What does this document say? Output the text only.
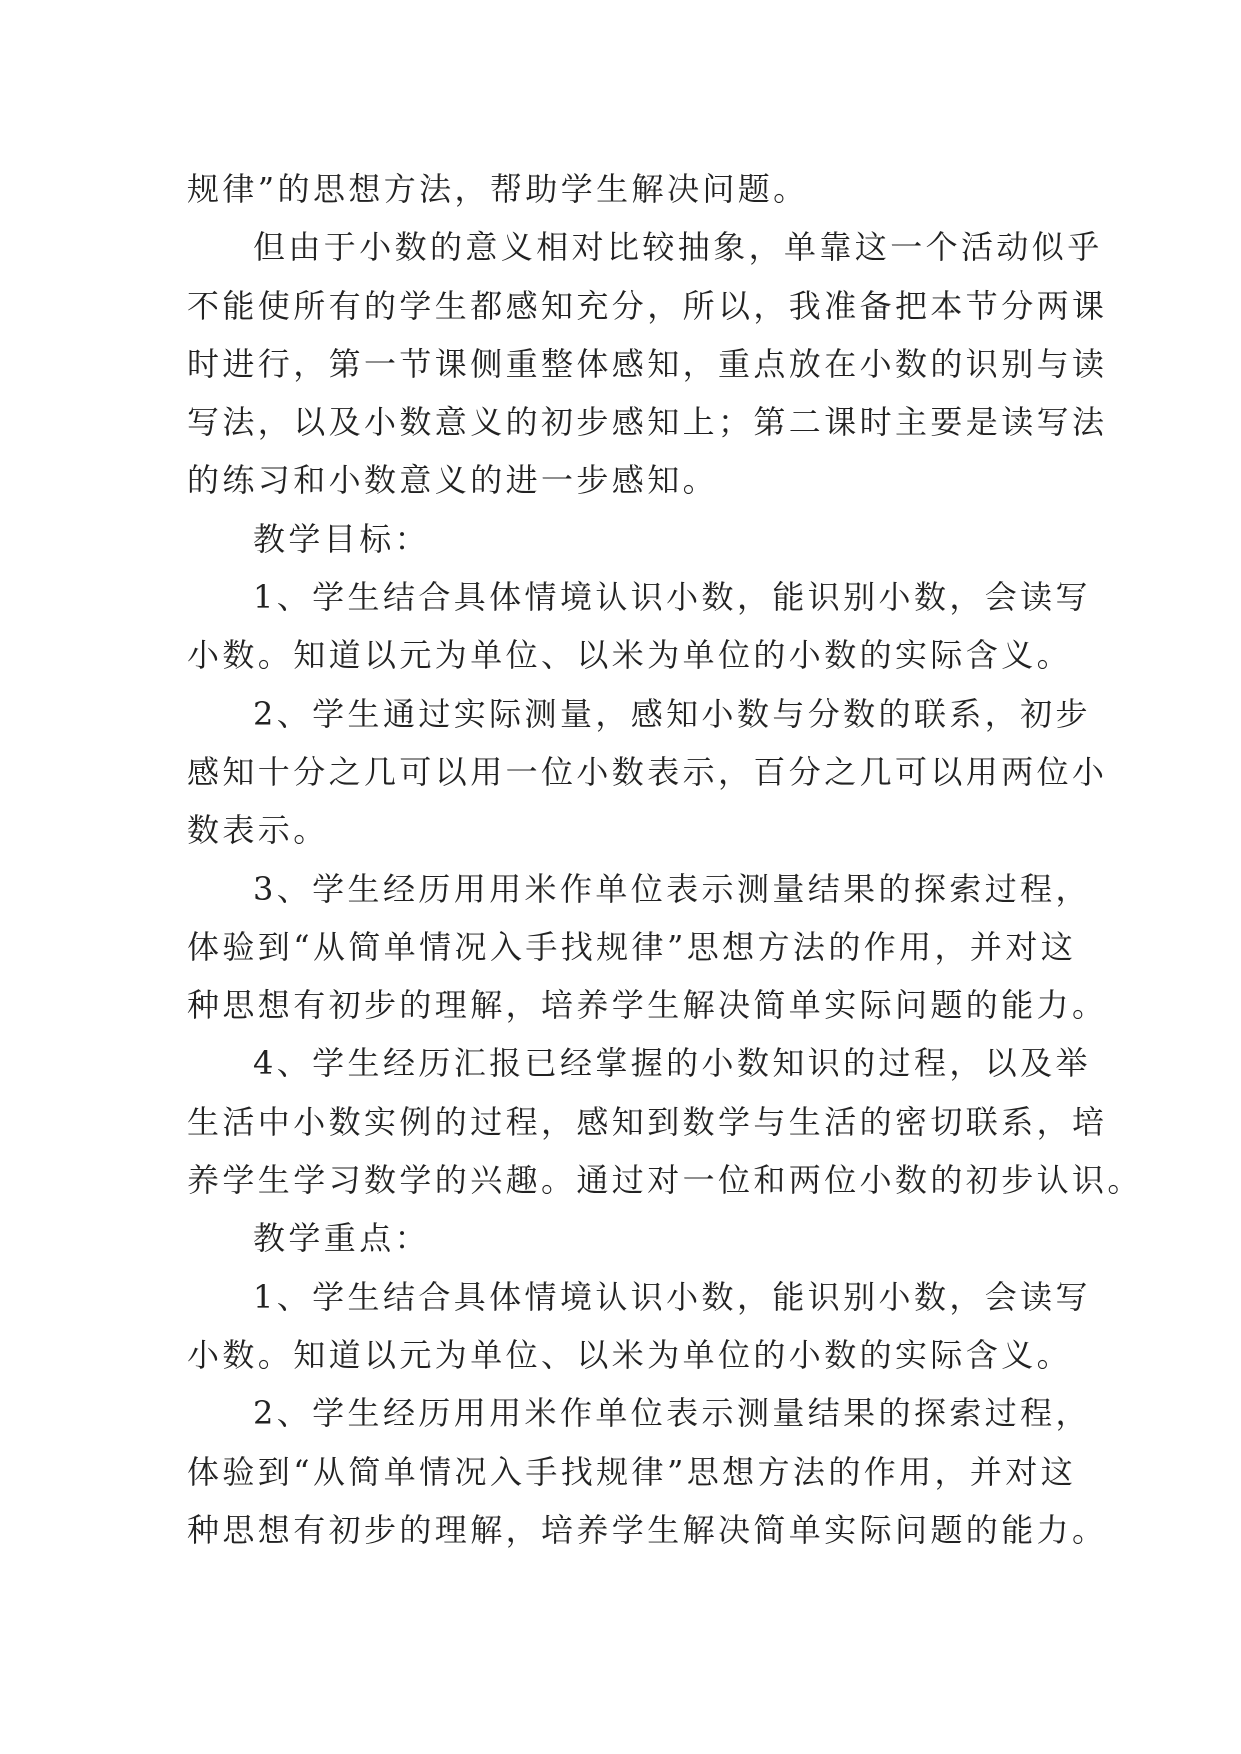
规律”的思想方法，帮助学生解决问题。

但由于小数的意义相对比较抽象，单靠这一个活动似乎
不能使所有的学生都感知充分，所以，我准备把本节分两课
时进行，第一节课侧重整体感知，重点放在小数的识别与读
写法，以及小数意义的初步感知上；第二课时主要是读写法
的练习和小数意义的进一步感知。

教学目标：

1、学生结合具体情境认识小数，能识别小数，会读写
小数。知道以元为单位、以米为单位的小数的实际含义。

2、学生通过实际测量，感知小数与分数的联系，初步
感知十分之几可以用一位小数表示，百分之几可以用两位小
数表示。

3、学生经历用用米作单位表示测量结果的探索过程，
体验到“从简单情况入手找规律”思想方法的作用，并对这
种思想有初步的理解，培养学生解决简单实际问题的能力。

4、学生经历汇报已经掌握的小数知识的过程，以及举
生活中小数实例的过程，感知到数学与生活的密切联系，培
养学生学习数学的兴趣。通过对一位和两位小数的初步认识。

教学重点：

1、学生结合具体情境认识小数，能识别小数，会读写
小数。知道以元为单位、以米为单位的小数的实际含义。

2、学生经历用用米作单位表示测量结果的探索过程，
体验到“从简单情况入手找规律”思想方法的作用，并对这
种思想有初步的理解，培养学生解决简单实际问题的能力。
